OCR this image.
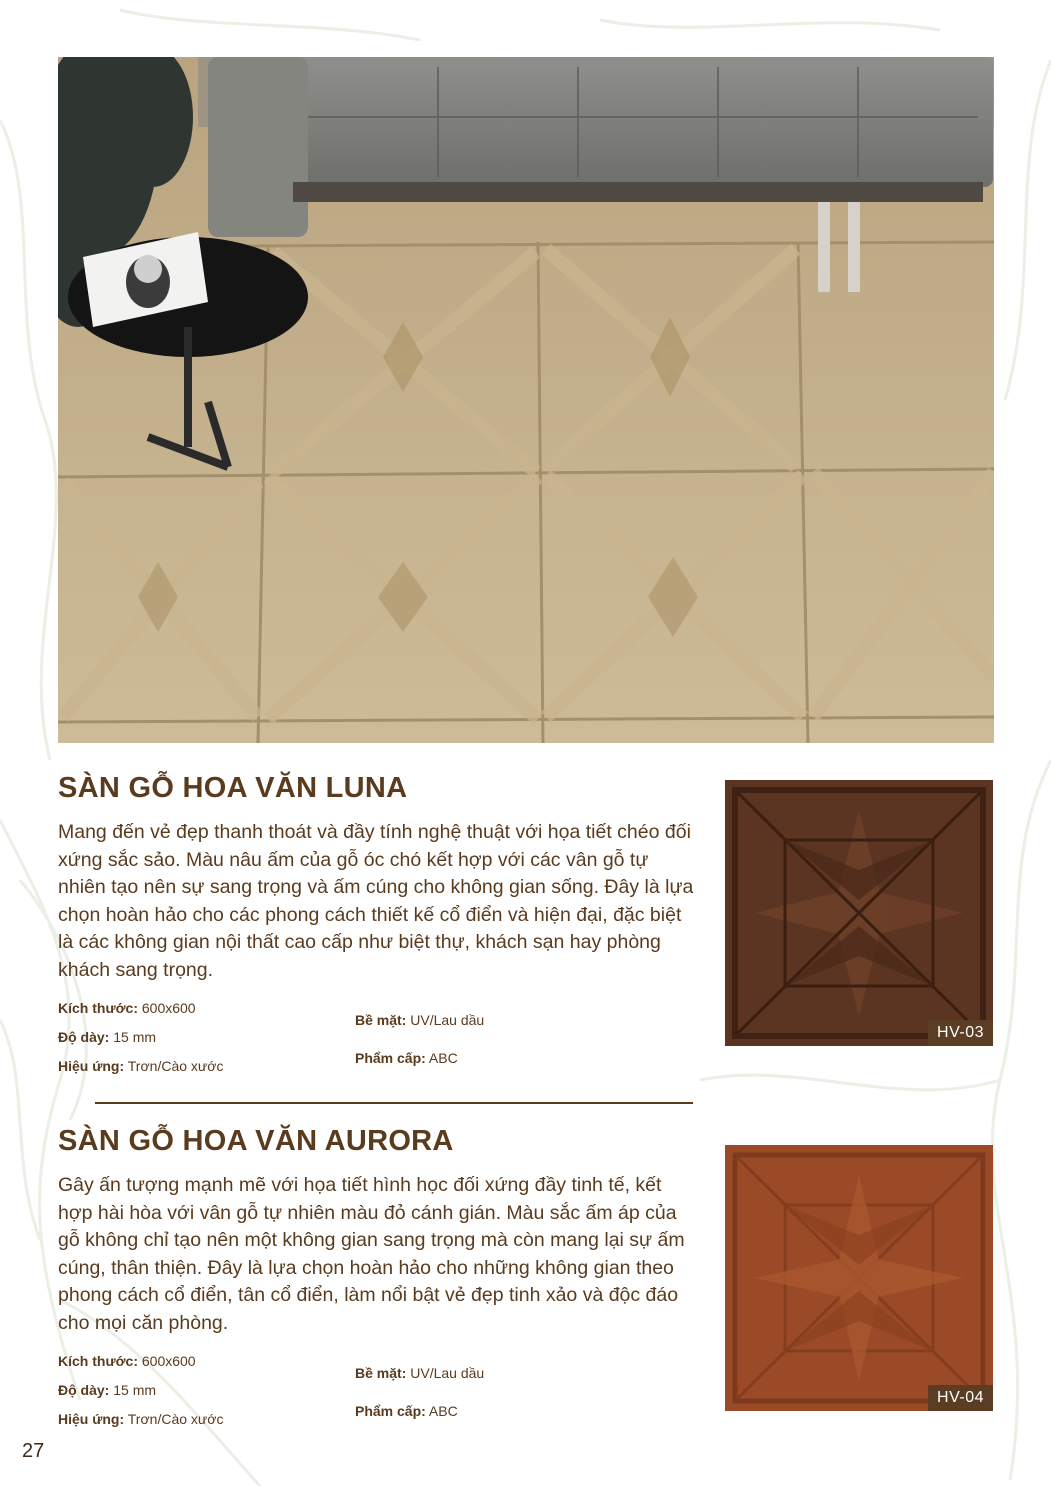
SÀN GỖ HOA VĂN LUNA

Mang đến vẻ đẹp thanh thoát và đầy tính nghệ thuật với họa tiết chéo đối xứng sắc sảo. Màu nâu ấm của gỗ óc chó kết hợp với các vân gỗ tự nhiên tạo nên sự sang trọng và ấm cúng cho không gian sống. Đây là lựa chọn hoàn hảo cho các phong cách thiết kế cổ điển và hiện đại, đặc biệt là các không gian nội thất cao cấp như biệt thự, khách sạn hay phòng khách sang trọng.

Kích thước: 600x600
Độ dày: 15 mm
Hiệu ứng: Trơn/Cào xước
Bề mặt: UV/Lau dầu
Phẩm cấp: ABC
HV-03
SÀN GỖ HOA VĂN AURORA

Gây ấn tượng mạnh mẽ với họa tiết hình học đối xứng đầy tinh tế, kết hợp hài hòa với vân gỗ tự nhiên màu đỏ cánh gián. Màu sắc ấm áp của gỗ không chỉ tạo nên một không gian sang trọng mà còn mang lại sự ấm cúng, thân thiện. Đây là lựa chọn hoàn hảo cho những không gian theo phong cách cổ điển, tân cổ điển, làm nổi bật vẻ đẹp tinh xảo và độc đáo cho mọi căn phòng.

Kích thước: 600x600
Độ dày: 15 mm
Hiệu ứng: Trơn/Cào xước
Bề mặt: UV/Lau dầu
Phẩm cấp: ABC
HV-04
27
